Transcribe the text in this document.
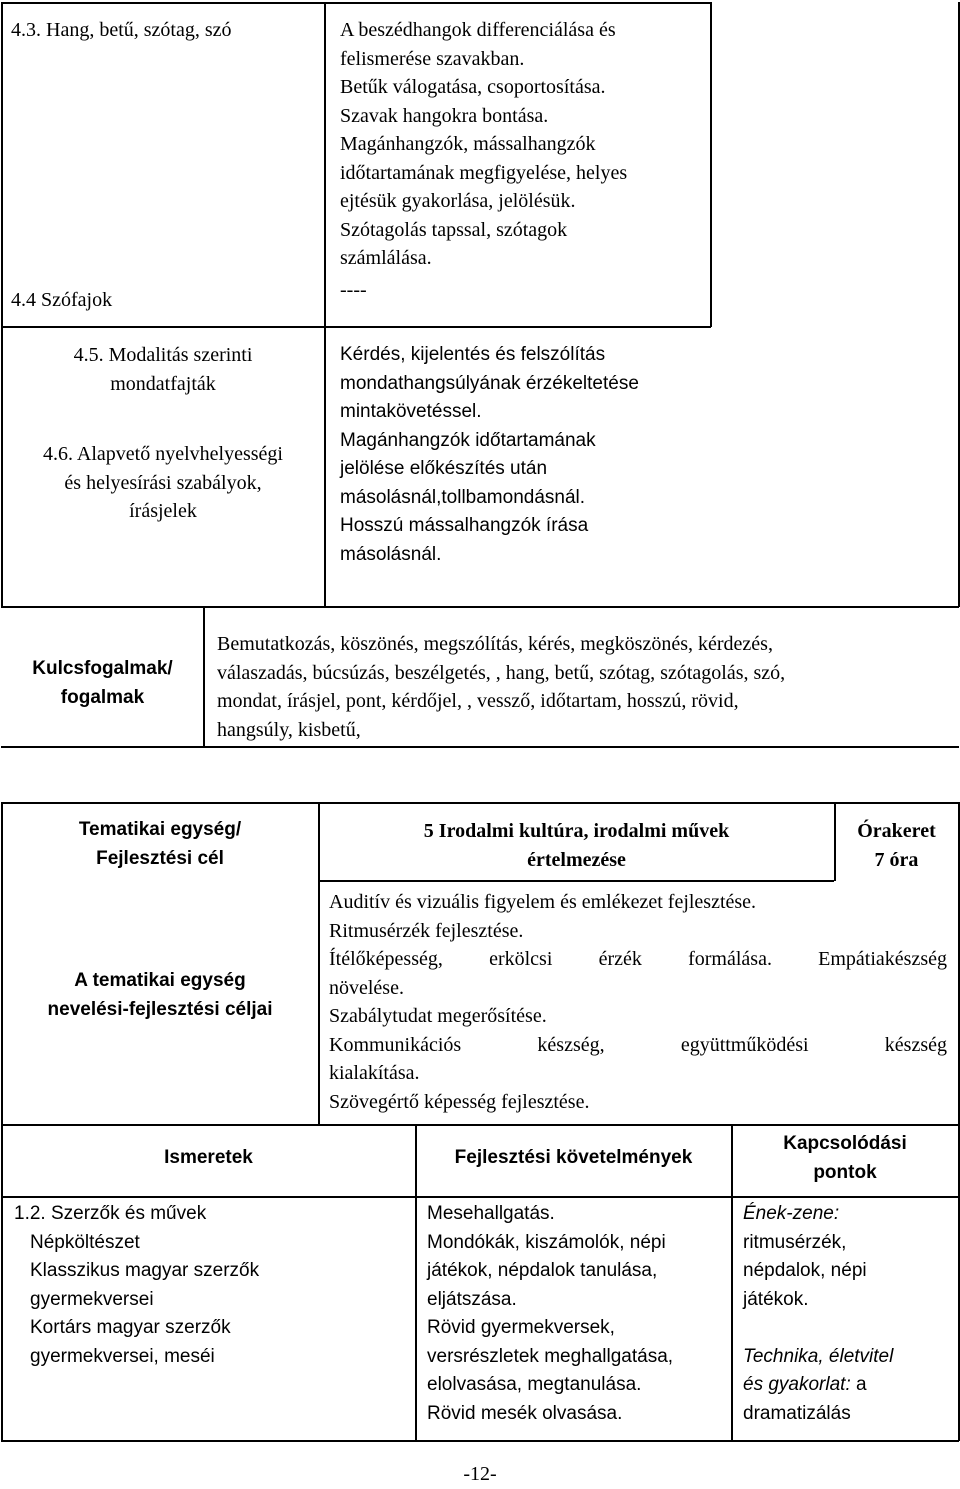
4.3. Hang, betű, szótag, szó
4.4 Szófajok
4.5. Modalitás szerinti
mondatfajták
4.6. Alapvető nyelvhelyességi
és helyesírási szabályok,
írásjelek
A beszédhangok differenciálása és
felismerése szavakban.
Betűk válogatása, csoportosítása.
Szavak hangokra bontása.
Magánhangzók, mássalhangzók
időtartamának megfigyelése, helyes
ejtésük gyakorlása, jelölésük.
Szótagolás tapssal, szótagok
számlálása.
----
Kérdés, kijelentés és felszólítás
mondathangsúlyának érzékeltetése
mintakövetéssel.
Magánhangzók időtartamának
jelölése előkészítés után
másolásnál,tollbamondásnál.
Hosszú mássalhangzók írása
másolásnál.
Kulcsfogalmak/
fogalmak
Bemutatkozás, köszönés, megszólítás, kérés, megköszönés, kérdezés,
válaszadás, búcsúzás, beszélgetés, , hang, betű, szótag, szótagolás, szó,
mondat, írásjel, pont, kérdőjel, , vessző, időtartam, hosszú, rövid,
hangsúly, kisbetű,
Tematikai egység/
Fejlesztési cél
5 Irodalmi kultúra, irodalmi művek
értelmezése
Órakeret
7 óra
A tematikai egység
nevelési-fejlesztési céljai
Auditív és vizuális figyelem és emlékezet fejlesztése.
Ritmusérzék fejlesztése.
Ítélőképesség, erkölcsi érzék formálása. Empátiakészség
növelése.
Szabálytudat megerősítése.
Kommunikációs készség, együttműködési készség
kialakítása.
Szövegértő képesség fejlesztése.
Ismeretek	Fejlesztési követelmények
Kapcsolódási
pontok
1.2. Szerzők és művek
Népköltészet
Klasszikus magyar szerzők
gyermekversei
Kortárs magyar szerzők
gyermekversei, meséi
Mesehallgatás.
Mondókák, kiszámolók, népi
játékok, népdalok tanulása,
eljátszása.
Rövid gyermekversek,
versrészletek meghallgatása,
elolvasása, megtanulása.
Rövid mesék olvasása.
Ének-zene:
ritmusérzék,
népdalok, népi
játékok.
Technika, életvitel
és gyakorlat: a
dramatizálás
-12-
